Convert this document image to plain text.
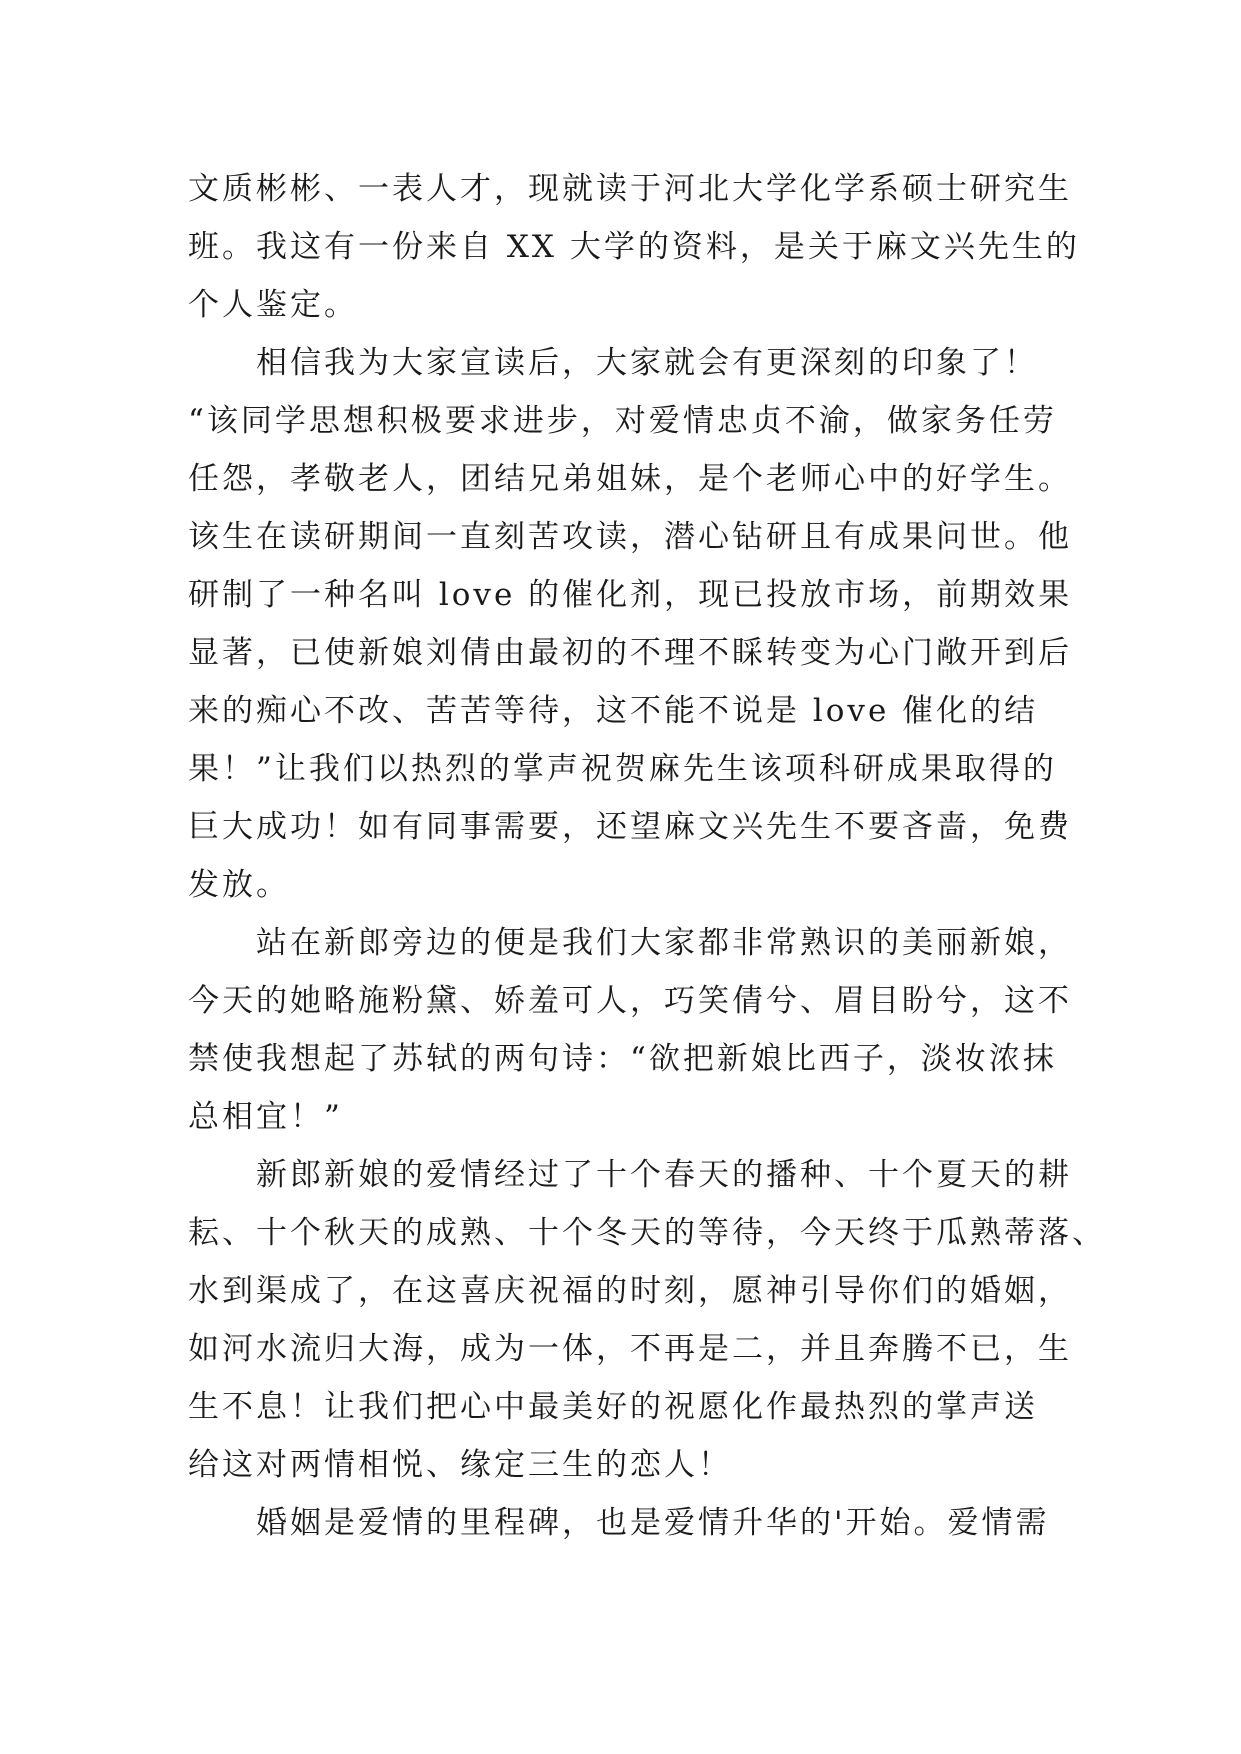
文质彬彬、一表人才，现就读于河北大学化学系硕士研究生
班。我这有一份来自 XX 大学的资料，是关于麻文兴先生的
个人鉴定。
　　相信我为大家宣读后，大家就会有更深刻的印象了！
“该同学思想积极要求进步，对爱情忠贞不渝，做家务任劳
任怨，孝敬老人，团结兄弟姐妹，是个老师心中的好学生。
该生在读研期间一直刻苦攻读，潜心钻研且有成果问世。他
研制了一种名叫 love 的催化剂，现已投放市场，前期效果
显著，已使新娘刘倩由最初的不理不睬转变为心门敞开到后
来的痴心不改、苦苦等待，这不能不说是 love 催化的结
果！”让我们以热烈的掌声祝贺麻先生该项科研成果取得的
巨大成功！如有同事需要，还望麻文兴先生不要吝啬，免费
发放。
　　站在新郎旁边的便是我们大家都非常熟识的美丽新娘，
今天的她略施粉黛、娇羞可人，巧笑倩兮、眉目盼兮，这不
禁使我想起了苏轼的两句诗：“欲把新娘比西子，淡妆浓抹
总相宜！”
　　新郎新娘的爱情经过了十个春天的播种、十个夏天的耕
耘、十个秋天的成熟、十个冬天的等待，今天终于瓜熟蒂落、
水到渠成了，在这喜庆祝福的时刻，愿神引导你们的婚姻，
如河水流归大海，成为一体，不再是二，并且奔腾不已，生
生不息！让我们把心中最美好的祝愿化作最热烈的掌声送
给这对两情相悦、缘定三生的恋人！
　　婚姻是爱情的里程碑，也是爱情升华的'开始。爱情需
